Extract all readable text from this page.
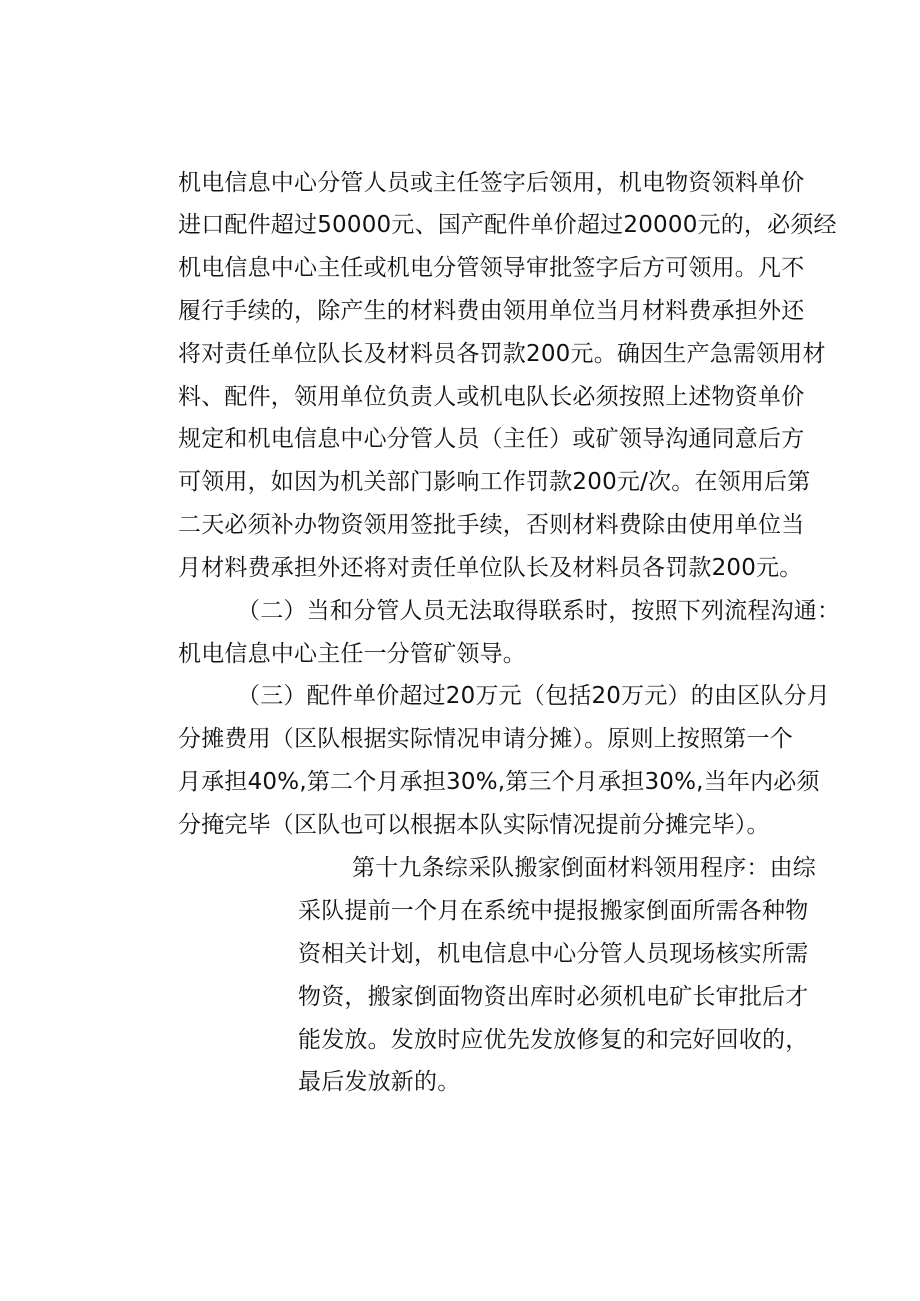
机电信息中心分管人员或主任签字后领用，机电物资领料单价

进口配件超过50000元、国产配件单价超过20000元的，必须经

机电信息中心主任或机电分管领导审批签字后方可领用。凡不

履行手续的，除产生的材料费由领用单位当月材料费承担外还

将对责任单位队长及材料员各罚款200元。确因生产急需领用材

料、配件，领用单位负责人或机电队长必须按照上述物资单价

规定和机电信息中心分管人员（主任）或矿领导沟通同意后方

可领用，如因为机关部门影响工作罚款200元/次。在领用后第

二天必须补办物资领用签批手续，否则材料费除由使用单位当

月材料费承担外还将对责任单位队长及材料员各罚款200元。

（二）当和分管人员无法取得联系时，按照下列流程沟通：

机电信息中心主任一分管矿领导。

（三）配件单价超过20万元（包括20万元）的由区队分月

分摊费用（区队根据实际情况申请分摊）。原则上按照第一个

月承担40%,第二个月承担30%,第三个月承担30%,当年内必须

分掩完毕（区队也可以根据本队实际情况提前分摊完毕）。

第十九条综采队搬家倒面材料领用程序：由综

采队提前一个月在系统中提报搬家倒面所需各种物

资相关计划，机电信息中心分管人员现场核实所需

物资，搬家倒面物资出库时必须机电矿长审批后才

能发放。发放时应优先发放修复的和完好回收的，

最后发放新的。
